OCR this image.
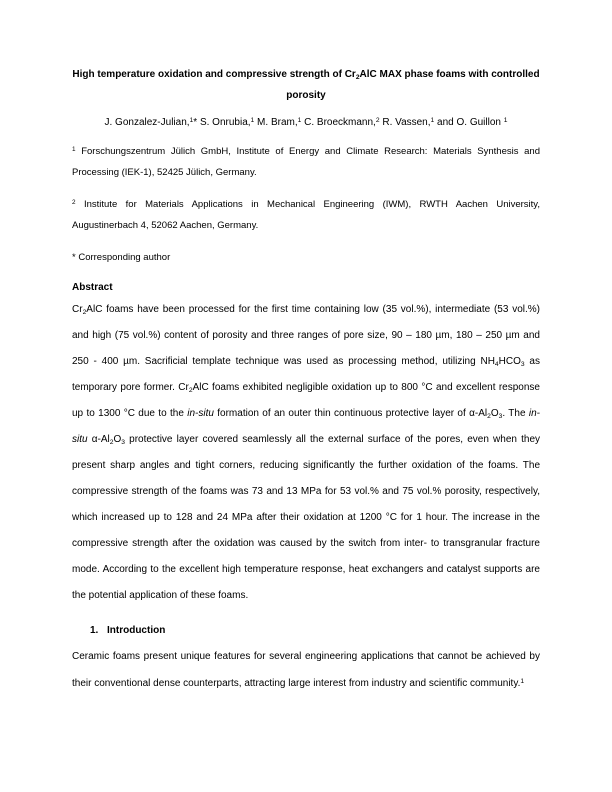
High temperature oxidation and compressive strength of $Cr_2AlC$ MAX phase foams with controlled porosity
J. Gonzalez-Julian,$^1$* S. Onrubia,$^1$ M. Bram,$^1$ C. Broeckmann,$^2$ R. Vassen,$^1$ and O. Guillon $^1$

$^1$ Forschungszentrum Jülich GmbH, Institute of Energy and Climate Research: Materials Synthesis and Processing (IEK-1), 52425 Jülich, Germany.

$^2$ Institute for Materials Applications in Mechanical Engineering (IWM), RWTH Aachen University, Augustinerbach 4, 52062 Aachen, Germany.

* Corresponding author

Abstract

$Cr_2AlC$ foams have been processed for the first time containing low (35 vol.%), intermediate (53 vol.%) and high (75 vol.%) content of porosity and three ranges of pore size, 90 – 180 µm, 180 – 250 µm and 250 - 400 µm. Sacrificial template technique was used as processing method, utilizing $NH_4HCO_3$ as temporary pore former. $Cr_2AlC$ foams exhibited negligible oxidation up to 800 °C and excellent response up to 1300 °C due to the in-situ formation of an outer thin continuous protective layer of $\alpha-Al_2O_3$. The in-situ $\alpha-Al_2O_3$ protective layer covered seamlessly all the external surface of the pores, even when they present sharp angles and tight corners, reducing significantly the further oxidation of the foams. The compressive strength of the foams was 73 and 13 MPa for 53 vol.% and 75 vol.% porosity, respectively, which increased up to 128 and 24 MPa after their oxidation at 1200 °C for 1 hour. The increase in the compressive strength after the oxidation was caused by the switch from inter- to transgranular fracture mode. According to the excellent high temperature response, heat exchangers and catalyst supports are the potential application of these foams.

1. Introduction

Ceramic foams present unique features for several engineering applications that cannot be achieved by their conventional dense counterparts, attracting large interest from industry and scientific community.$^1$
